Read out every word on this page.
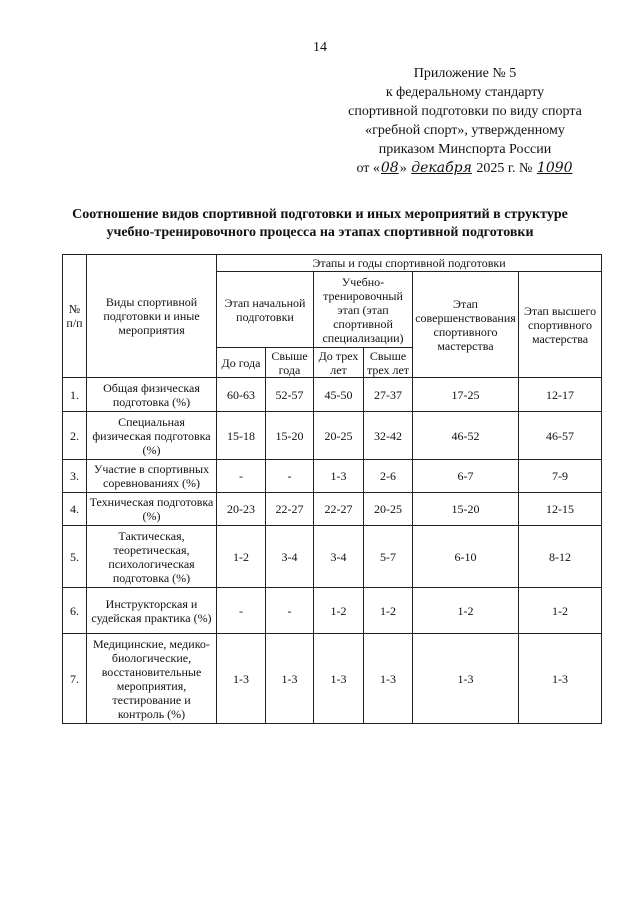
14
Приложение № 5
к федеральному стандарту
спортивной подготовки по виду спорта
«гребной спорт», утвержденному
приказом Минспорта России
от «08» декабря 2025 г. № 1090
Соотношение видов спортивной подготовки и иных мероприятий в структуре
учебно-тренировочного процесса на этапах спортивной подготовки
№ п/п	Виды спортивной подготовки и иные мероприятия	Этапы и годы спортивной подготовки					
		Этап начальной подготовки		Учебно-тренировочный этап (этап спортивной специализации)		Этап совершенствования спортивного мастерства	Этап высшего спортивного мастерства
		До года	Свыше года	До трех лет	Свыше трех лет		
1.	Общая физическая подготовка (%)	60-63	52-57	45-50	27-37	17-25	12-17
2.	Специальная физическая подготовка (%)	15-18	15-20	20-25	32-42	46-52	46-57
3.	Участие в спортивных соревнованиях (%)	-	-	1-3	2-6	6-7	7-9
4.	Техническая подготовка (%)	20-23	22-27	22-27	20-25	15-20	12-15
5.	Тактическая, теоретическая, психологическая подготовка (%)	1-2	3-4	3-4	5-7	6-10	8-12
6.	Инструкторская и судейская практика (%)	-	-	1-2	1-2	1-2	1-2
7.	Медицинские, медико-биологические, восстановительные мероприятия, тестирование и контроль (%)	1-3	1-3	1-3	1-3	1-3	1-3
